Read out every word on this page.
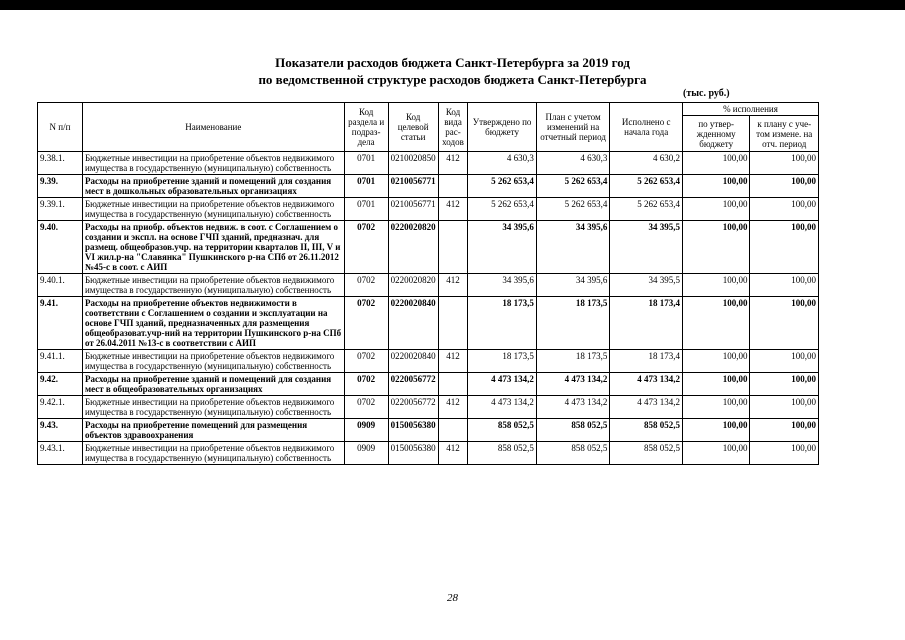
Показатели расходов бюджета Санкт-Петербурга за 2019 год
по ведомственной структуре расходов бюджета Санкт-Петербурга
(тыс. руб.)
N п/п	Наименование	Код раздела и подраз-дела	Код целевой статьи	Код вида рас-ходов	Утверждено по бюджету	План с учетом изменений на отчетный период	Исполнено с начала года	% исполнения	
								по утвер-жденному бюджету	к плану с уче-том измене. на отч. период
9.38.1.	Бюджетные инвестиции на приобретение объектов недвижимого имущества в государственную (муниципальную) собственность	0701	0210020850	412	4 630,3	4 630,3	4 630,2	100,00	100,00
9.39.	Расходы на приобретение зданий и помещений для создания мест в дошкольных образовательных организациях	0701	0210056771		5 262 653,4	5 262 653,4	5 262 653,4	100,00	100,00
9.39.1.	Бюджетные инвестиции на приобретение объектов недвижимого имущества в государственную (муниципальную) собственность	0701	0210056771	412	5 262 653,4	5 262 653,4	5 262 653,4	100,00	100,00
9.40.	Расходы на приобр. объектов недвиж. в соот. с Соглашением о создании и экспл. на основе ГЧП зданий, предназнач. для размещ. общеобразов.учр. на территории кварталов II, III, V и VI жил.р-на "Славянка" Пушкинского р-на СПб от 26.11.2012 №45-с в соот. с АИП	0702	0220020820		34 395,6	34 395,6	34 395,5	100,00	100,00
9.40.1.	Бюджетные инвестиции на приобретение объектов недвижимого имущества в государственную (муниципальную) собственность	0702	0220020820	412	34 395,6	34 395,6	34 395,5	100,00	100,00
9.41.	Расходы на приобретение объектов недвижимости в соответствии с Соглашением о создании и эксплуатации на основе ГЧП зданий, предназначенных для размещения общеобразоват.учр-ний на территории Пушкинского р-на СПб от 26.04.2011 №13-с в соответствии с АИП	0702	0220020840		18 173,5	18 173,5	18 173,4	100,00	100,00
9.41.1.	Бюджетные инвестиции на приобретение объектов недвижимого имущества в государственную (муниципальную) собственность	0702	0220020840	412	18 173,5	18 173,5	18 173,4	100,00	100,00
9.42.	Расходы на приобретение зданий и помещений для создания мест в общеобразовательных организациях	0702	0220056772		4 473 134,2	4 473 134,2	4 473 134,2	100,00	100,00
9.42.1.	Бюджетные инвестиции на приобретение объектов недвижимого имущества в государственную (муниципальную) собственность	0702	0220056772	412	4 473 134,2	4 473 134,2	4 473 134,2	100,00	100,00
9.43.	Расходы на приобретение помещений для размещения объектов здравоохранения	0909	0150056380		858 052,5	858 052,5	858 052,5	100,00	100,00
9.43.1.	Бюджетные инвестиции на приобретение объектов недвижимого имущества в государственную (муниципальную) собственность	0909	0150056380	412	858 052,5	858 052,5	858 052,5	100,00	100,00
28
